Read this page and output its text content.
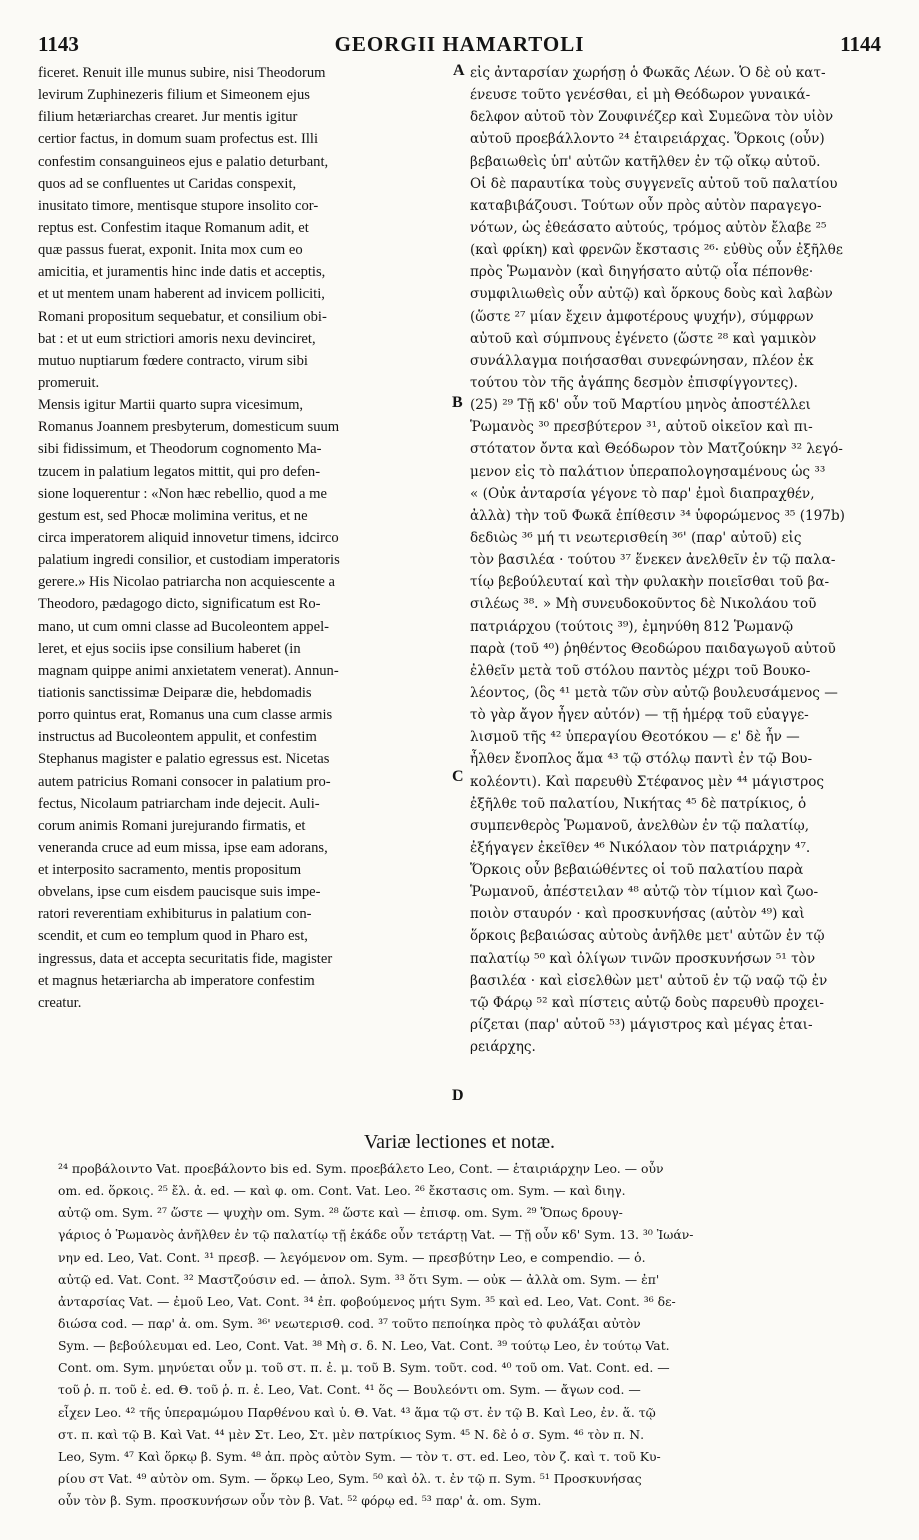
1143	GEORGII HAMARTOLI	1144
ficeret. Renuit ille munus subire, nisi Theodorum
levirum Zuphinezeris filium et Simeonem ejus
filium hetæriarchas crearet. Jur mentis igitur
certior factus, in domum suam profectus est. Illi
confestim consanguineos ejus e palatio deturbant,
quos ad se confluentes ut Caridas conspexit,
inusitato timore, mentisque stupore insolito cor-
reptus est. Confestim itaque Romanum adit, et
quæ passus fuerat, exponit. Inita mox cum eo
amicitia, et juramentis hinc inde datis et acceptis,
et ut mentem unam haberent ad invicem polliciti,
Romani propositum sequebatur, et consilium obi-
bat : et ut eum strictiori amoris nexu devinciret,
mutuo nuptiarum fœdere contracto, virum sibi
promeruit.
Mensis igitur Martii quarto supra vicesimum,
Romanus Joannem presbyterum, domesticum suum
sibi fidissimum, et Theodorum cognomento Ma-
tzucem in palatium legatos mittit, qui pro defen-
sione loquerentur : «Non hæc rebellio, quod a me
gestum est, sed Phocæ molimina veritus, et ne
circa imperatorem aliquid innovetur timens, idcirco
palatium ingredi consilior, et custodiam imperatoris
gerere.» His Nicolao patriarcha non acquiescente a
Theodoro, pædagogo dicto, significatum est Ro-
mano, ut cum omni classe ad Bucoleontem appel-
leret, et ejus sociis ipse consilium haberet (in
magnam quippe animi anxietatem venerat). Annun-
tiationis sanctissimæ Deiparæ die, hebdomadis
porro quintus erat, Romanus una cum classe armis
instructus ad Bucoleontem appulit, et confestim
Stephanus magister e palatio egressus est. Nicetas
autem patricius Romani consocer in palatium pro-
fectus, Nicolaum patriarcham inde dejecit. Auli-
corum animis Romani jurejurando firmatis, et
veneranda cruce ad eum missa, ipse eam adorans,
et interposito sacramento, mentis propositum
obvelans, ipse cum eisdem paucisque suis impe-
ratori reverentiam exhibiturus in palatium con-
scendit, et cum eo templum quod in Pharo est,
ingressus, data et accepta securitatis fide, magister
et magnus hetæriarcha ab imperatore confestim
creatur.
εἰς ἀνταρσίαν χωρήσῃ ὁ Φωκᾶς Λέων. Ὁ δὲ οὐ κατ-
ένευσε τοῦτο γενέσθαι, εἰ μὴ Θεόδωρον γυναικά-
δελφον αὐτοῦ τὸν Ζουφινέζερ καὶ Συμεῶνα τὸν υἱὸν
αὐτοῦ προεβάλλοντο ²⁴ ἑταιρειάρχας. Ὅρκοις (οὖν)
βεβαιωθεὶς ὑπ' αὐτῶν κατῆλθεν ἐν τῷ οἴκῳ αὐτοῦ.
Οἱ δὲ παραυτίκα τοὺς συγγενεῖς αὐτοῦ τοῦ παλατίου
καταβιβάζουσι. Τούτων οὖν πρὸς αὐτὸν παραγεγο-
νότων, ὡς ἐθεάσατο αὐτούς, τρόμος αὐτὸν ἔλαβε ²⁵
(καὶ φρίκη) καὶ φρενῶν ἔκστασις ²⁶· εὐθὺς οὖν ἐξῆλθε
πρὸς Ῥωμανὸν (καὶ διηγήσατο αὐτῷ οἷα πέπονθε·
συμφιλιωθεὶς οὖν αὐτῷ) καὶ ὅρκους δοὺς καὶ λαβὼν
(ὥστε ²⁷ μίαν ἔχειν ἀμφοτέρους ψυχήν), σύμφρων
αὐτοῦ καὶ σύμπνους ἐγένετο (ὥστε ²⁸ καὶ γαμικὸν
συνάλλαγμα ποιήσασθαι συνεφώνησαν, πλέον ἐκ
τούτου τὸν τῆς ἀγάπης δεσμὸν ἐπισφίγγοντες).
(25) ²⁹ Τῇ κδ' οὖν τοῦ Μαρτίου μηνὸς ἀποστέλλει
Ῥωμανὸς ³⁰ πρεσβύτερον ³¹, αὐτοῦ οἰκεῖον καὶ πι-
στότατον ὄντα καὶ Θεόδωρον τὸν Ματζούκην ³² λεγό-
μενον εἰς τὸ παλάτιον ὑπεραπολογησαμένους ὡς ³³
« (Οὐκ ἀνταρσία γέγονε τὸ παρ' ἐμοὶ διαπραχθέν,
ἀλλὰ) τὴν τοῦ Φωκᾶ ἐπίθεσιν ³⁴ ὑφορώμενος ³⁵ (197b)
δεδιὼς ³⁶ μή τι νεωτερισθείη ³⁶' (παρ' αὐτοῦ) εἰς
τὸν βασιλέα · τούτου ³⁷ ἕνεκεν ἀνελθεῖν ἐν τῷ παλα-
τίῳ βεβούλευταί καὶ τὴν φυλακὴν ποιεῖσθαι τοῦ βα-
σιλέως ³⁸. » Μὴ συνευδοκοῦντος δὲ Νικολάου τοῦ
πατριάρχου (τούτοις ³⁹), ἐμηνύθη 812 Ῥωμανῷ
παρὰ (τοῦ ⁴⁰) ῥηθέντος Θεοδώρου παιδαγωγοῦ αὐτοῦ
ἐλθεῖν μετὰ τοῦ στόλου παντὸς μέχρι τοῦ Βουκο-
λέοντος, (ὃς ⁴¹ μετὰ τῶν σὺν αὐτῷ βουλευσάμενος —
τὸ γὰρ ἄγον ἦγεν αὐτόν) — τῇ ἡμέρᾳ τοῦ εὐαγγε-
λισμοῦ τῆς ⁴² ὑπεραγίου Θεοτόκου — ε' δὲ ἦν —
ἦλθεν ἔνοπλος ἅμα ⁴³ τῷ στόλῳ παντὶ ἐν τῷ Βου-
κολέοντι). Καὶ παρευθὺ Στέφανος μὲν ⁴⁴ μάγιστρος
ἐξῆλθε τοῦ παλατίου, Νικήτας ⁴⁵ δὲ πατρίκιος, ὁ
συμπενθερὸς Ῥωμανοῦ, ἀνελθὼν ἐν τῷ παλατίῳ,
ἐξήγαγεν ἐκεῖθεν ⁴⁶ Νικόλαον τὸν πατριάρχην ⁴⁷.
Ὅρκοις οὖν βεβαιώθέντες οἱ τοῦ παλατίου παρὰ
Ῥωμανοῦ, ἀπέστειλαν ⁴⁸ αὐτῷ τὸν τίμιον καὶ ζωο-
ποιὸν σταυρόν · καὶ προσκυνήσας (αὐτὸν ⁴⁹) καὶ
ὅρκοις βεβαιώσας αὐτοὺς ἀνῆλθε μετ' αὐτῶν ἐν τῷ
παλατίῳ ⁵⁰ καὶ ὀλίγων τινῶν προσκυνήσων ⁵¹ τὸν
βασιλέα · καὶ εἰσελθὼν μετ' αὐτοῦ ἐν τῷ ναῷ τῷ ἐν
τῷ Φάρῳ ⁵² καὶ πίστεις αὐτῷ δοὺς παρευθὺ προχει-
ρίζεται (παρ' αὐτοῦ ⁵³) μάγιστρος καὶ μέγας ἑται-
ρειάρχης.
A
B
C
D
Variæ lectiones et notæ.
²⁴ προβάλοιντο Vat. προεβάλοντο bis ed. Sym. προεβάλετο Leo, Cont. — ἑταιριάρχην Leo. — οὖν
om. ed. ὅρκοις. ²⁵ ἔλ. ἀ. ed. — καὶ φ. om. Cont. Vat. Leo. ²⁶ ἔκστασις om. Sym. — καὶ διηγ.
αὐτῷ om. Sym. ²⁷ ὥστε — ψυχὴν om. Sym. ²⁸ ὥστε καὶ — ἐπισφ. om. Sym. ²⁹ Ὅπως δρουγ-
γάριος ὁ Ῥωμανὸς ἀνῆλθεν ἐν τῷ παλατίῳ τῇ ἑκάδε οὖν τετάρτῃ Vat. — Τῇ οὖν κδ' Sym. 13. ³⁰ Ἰωάν-
νην ed. Leo, Vat. Cont. ³¹ πρεσβ. — λεγόμενον om. Sym. — πρεσβύτην Leo, e compendio. — ὁ.
αὐτῷ ed. Vat. Cont. ³² Μαστζούσιν ed. — ἀπολ. Sym. ³³ ὅτι Sym. — οὐκ — ἀλλὰ om. Sym. — ἐπ'
ἀνταρσίας Vat. — ἐμοῦ Leo, Vat. Cont. ³⁴ ἐπ. φοβούμενος μήτι Sym. ³⁵ καὶ ed. Leo, Vat. Cont. ³⁶ δε-
διώσα cod. — παρ' ἀ. om. Sym. ³⁶' νεωτερισθ. cod. ³⁷ τοῦτο πεποίηκα πρὸς τὸ φυλάξαι αὐτὸν
Sym. — βεβούλευμαι ed. Leo, Cont. Vat. ³⁸ Μὴ σ. δ. Ν. Leo, Vat. Cont. ³⁹ τούτῳ Leo, ἐν τούτῳ Vat.
Cont. om. Sym. μηνύεται οὖν μ. τοῦ στ. π. ἐ. μ. τοῦ Β. Sym. τοῦτ. cod. ⁴⁰ τοῦ om. Vat. Cont. ed. —
τοῦ ῥ. π. τοῦ ἐ. ed. Θ. τοῦ ῥ. π. ἐ. Leo, Vat. Cont. ⁴¹ ὅς — Βουλεόντι om. Sym. — ἄγων cod. —
εἶχεν Leo. ⁴² τῆς ὑπεραμώμου Παρθένου καὶ ὑ. Θ. Vat. ⁴³ ἅμα τῷ στ. ἐν τῷ Β. Καὶ Leo, ἐν. ἅ. τῷ
στ. π. καὶ τῷ Β. Καὶ Vat. ⁴⁴ μὲν Στ. Leo, Στ. μὲν πατρίκιος Sym. ⁴⁵ Ν. δὲ ὁ σ. Sym. ⁴⁶ τὸν π. Ν.
Leo, Sym. ⁴⁷ Καὶ ὅρκῳ β. Sym. ⁴⁸ ἀπ. πρὸς αὐτὸν Sym. — τὸν τ. στ. ed. Leo, τὸν ζ. καὶ τ. τοῦ Κυ-
ρίου στ Vat. ⁴⁹ αὐτὸν om. Sym. — ὅρκῳ Leo, Sym. ⁵⁰ καὶ ὀλ. τ. ἐν τῷ π. Sym. ⁵¹ Προσκυνήσας
οὖν τὸν β. Sym. προσκυνήσων οὖν τὸν β. Vat. ⁵² φόρῳ ed. ⁵³ παρ' ἀ. om. Sym.
